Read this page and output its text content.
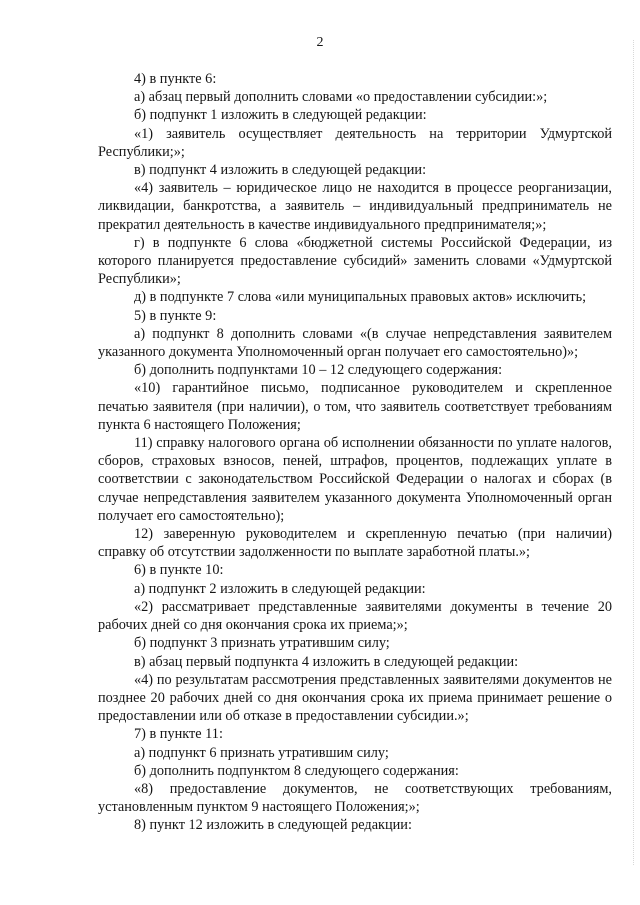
2

4) в пункте 6:

а) абзац первый дополнить словами «о предоставлении субсидии:»;

б) подпункт 1 изложить в следующей редакции:

«1) заявитель осуществляет деятельность на территории Удмуртской Республики;»;

в) подпункт 4 изложить в следующей редакции:

«4) заявитель – юридическое лицо не находится в процессе реорганизации, ликвидации, банкротства, а заявитель – индивидуальный предприниматель не прекратил деятельность в качестве индивидуального предпринимателя;»;

г) в подпункте 6 слова «бюджетной системы Российской Федерации, из которого планируется предоставление субсидий» заменить словами «Удмуртской Республики»;

д) в подпункте 7 слова «или муниципальных правовых актов» исключить;

5) в пункте 9:

а) подпункт 8 дополнить словами «(в случае непредставления заявителем указанного документа Уполномоченный орган получает его самостоятельно)»;

б) дополнить подпунктами 10 – 12 следующего содержания:

«10) гарантийное письмо, подписанное руководителем и скрепленное печатью заявителя (при наличии), о том, что заявитель соответствует требованиям пункта 6 настоящего Положения;

11) справку налогового органа об исполнении обязанности по уплате налогов, сборов, страховых взносов, пеней, штрафов, процентов, подлежащих уплате в соответствии с законодательством Российской Федерации о налогах и сборах (в случае непредставления заявителем указанного документа Уполномоченный орган получает его самостоятельно);

12) заверенную руководителем и скрепленную печатью (при наличии) справку об отсутствии задолженности по выплате заработной платы.»;

6) в пункте 10:

а) подпункт 2 изложить в следующей редакции:

«2) рассматривает представленные заявителями документы в течение 20 рабочих дней со дня окончания срока их приема;»;

б) подпункт 3 признать утратившим силу;

в) абзац первый подпункта 4 изложить в следующей редакции:

«4) по результатам рассмотрения представленных заявителями документов не позднее 20 рабочих дней со дня окончания срока их приема принимает решение о предоставлении или об отказе в предоставлении субсидии.»;

7) в пункте 11:

а) подпункт 6 признать утратившим силу;

б) дополнить подпунктом 8 следующего содержания:

«8) предоставление документов, не соответствующих требованиям, установленным пунктом 9 настоящего Положения;»;

8) пункт 12 изложить в следующей редакции:
